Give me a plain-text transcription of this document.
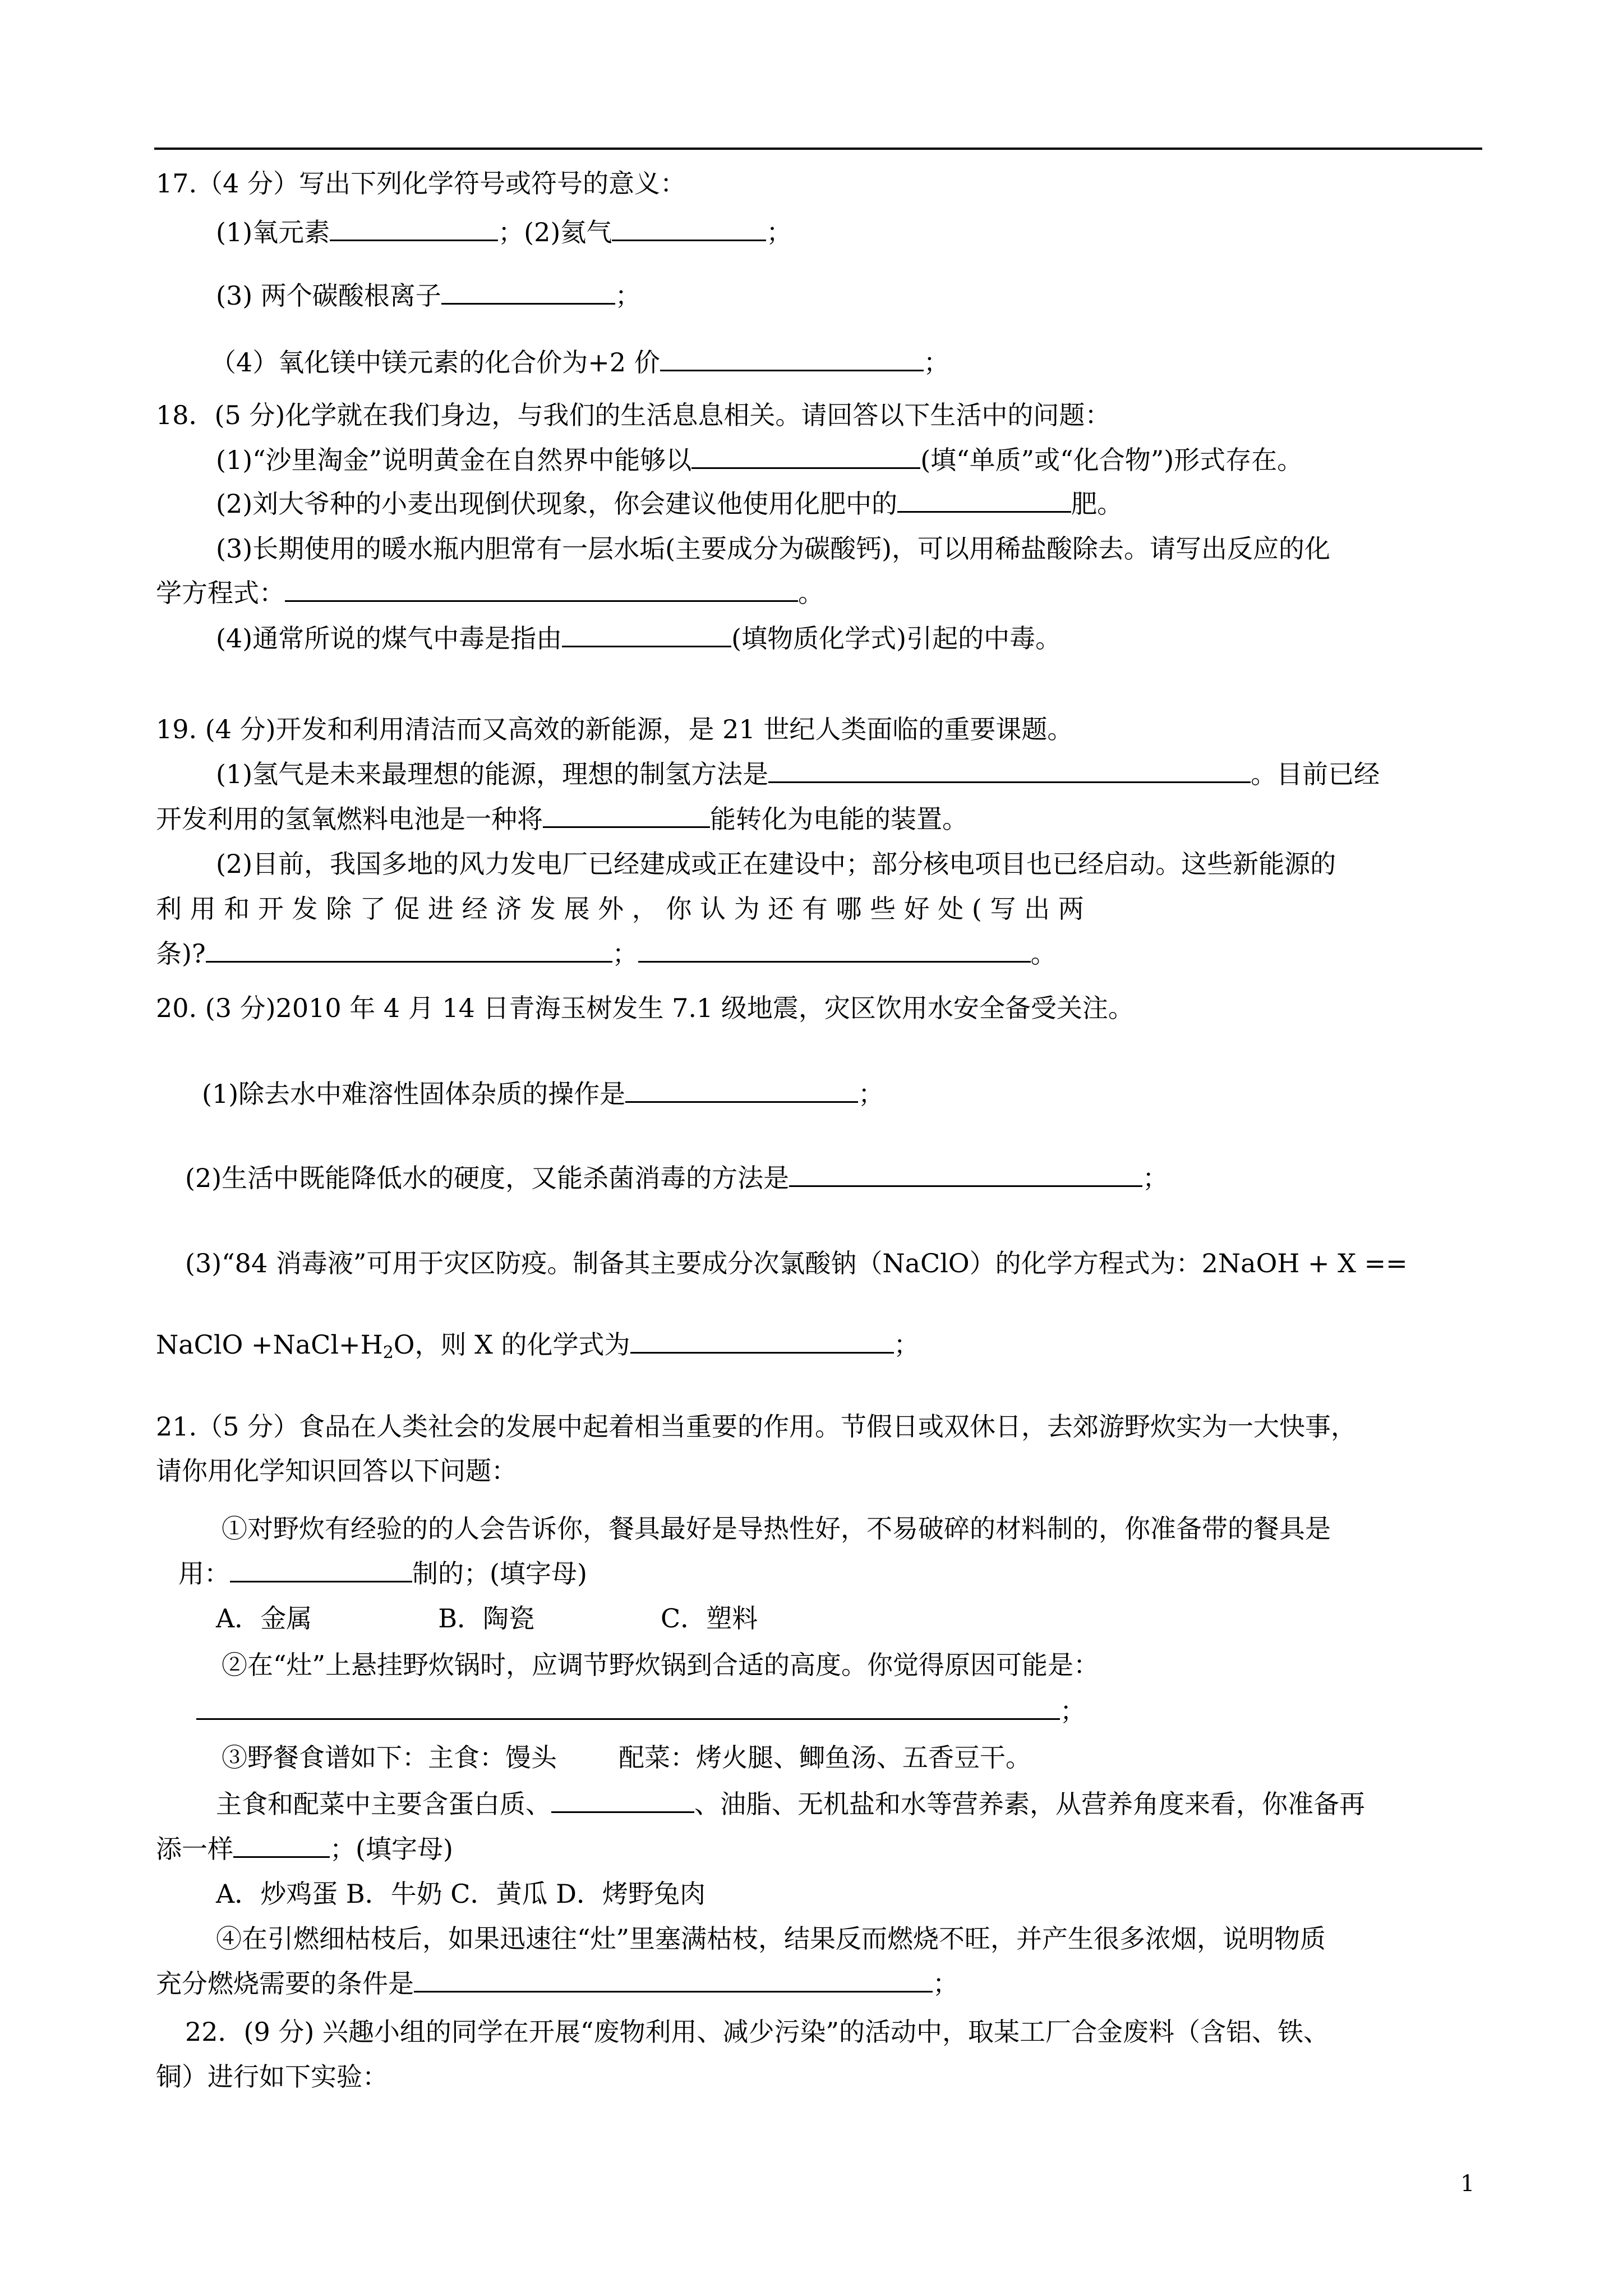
17.（4 分）写出下列化学符号或符号的意义：
(1)氧元素	；(2)氦气	；
(3) 两个碳酸根离子	；
（4）氧化镁中镁元素的化合价为+2 价	；
18．(5 分)化学就在我们身边，与我们的生活息息相关。请回答以下生活中的问题：
(1)“沙里淘金”说明黄金在自然界中能够以	(填“单质”或“化合物”)形式存在。
(2)刘大爷种的小麦出现倒伏现象，你会建议他使用化肥中的	肥。
(3)长期使用的暖水瓶内胆常有一层水垢(主要成分为碳酸钙)，可以用稀盐酸除去。请写出反应的化
学方程式：	。
(4)通常所说的煤气中毒是指由	(填物质化学式)引起的中毒。
19. (4 分)开发和利用清洁而又高效的新能源，是 21 世纪人类面临的重要课题。
(1)氢气是未来最理想的能源，理想的制氢方法是	。目前已经
开发利用的氢氧燃料电池是一种将	能转化为电能的装置。
(2)目前，我国多地的风力发电厂已经建成或正在建设中；部分核电项目也已经启动。这些新能源的
利 用 和 开 发 除 了 促 进 经 济 发 展 外 ， 你 认 为 还 有 哪 些 好 处 ( 写 出 两
条)?	；	。
20. (3 分)2010 年 4 月 14 日青海玉树发生 7.1 级地震，灾区饮用水安全备受关注。
(1)除去水中难溶性固体杂质的操作是	；
(2)生活中既能降低水的硬度，又能杀菌消毒的方法是	；
(3)“84 消毒液”可用于灾区防疫。制备其主要成分次氯酸钠（NaClO）的化学方程式为：2NaOH + X ==
NaClO $+NaCl+H_2O$，则 X 的化学式为	；
21.（5 分）食品在人类社会的发展中起着相当重要的作用。节假日或双休日，去郊游野炊实为一大快事，
请你用化学知识回答以下问题：
①对野炊有经验的的人会告诉你，餐具最好是导热性好，不易破碎的材料制的，你准备带的餐具是
用：	制的；(填字母)
A．金属	B．陶瓷	C．塑料
②在“灶”上悬挂野炊锅时，应调节野炊锅到合适的高度。你觉得原因可能是：
；
③野餐食谱如下：主食：馒头 配菜：烤火腿、鲫鱼汤、五香豆干。
主食和配菜中主要含蛋白质、	、油脂、无机盐和水等营养素，从营养角度来看，你准备再
添一样	；(填字母)
A．炒鸡蛋 B．牛奶 C．黄瓜 D．烤野兔肉
④在引燃细枯枝后，如果迅速往“灶”里塞满枯枝，结果反而燃烧不旺，并产生很多浓烟，说明物质
充分燃烧需要的条件是	；
22．(9 分) 兴趣小组的同学在开展“废物利用、减少污染”的活动中，取某工厂合金废料（含铝、铁、
铜）进行如下实验：
1
